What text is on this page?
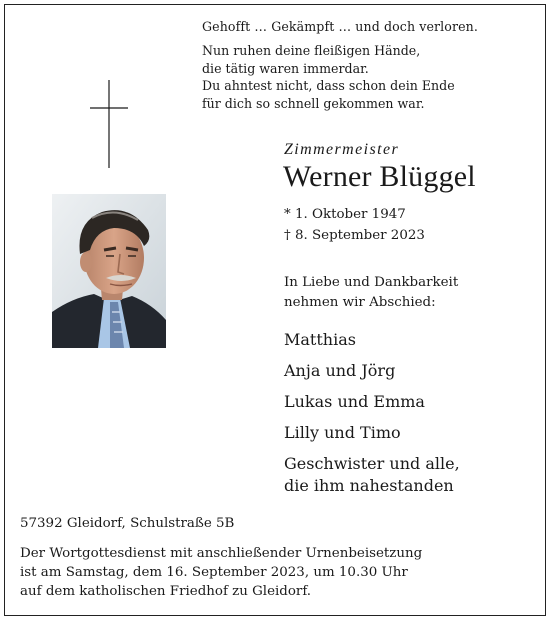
Gehofft … Gekämpft … und doch verloren.
Nun ruhen deine fleißigen Hände,
die tätig waren immerdar.
Du ahntest nicht, dass schon dein Ende
für dich so schnell gekommen war.
Zimmermeister
Werner Blüggel
* 1. Oktober 1947
† 8. September 2023
In Liebe und Dankbarkeit
nehmen wir Abschied:
Matthias
Anja und Jörg
Lukas und Emma
Lilly und Timo
Geschwister und alle,
die ihm nahestanden
57392 Gleidorf, Schulstraße 5B
Der Wortgottesdienst mit anschließender Urnenbeisetzung
ist am Samstag, dem 16. September 2023, um 10.30 Uhr
auf dem katholischen Friedhof zu Gleidorf.
